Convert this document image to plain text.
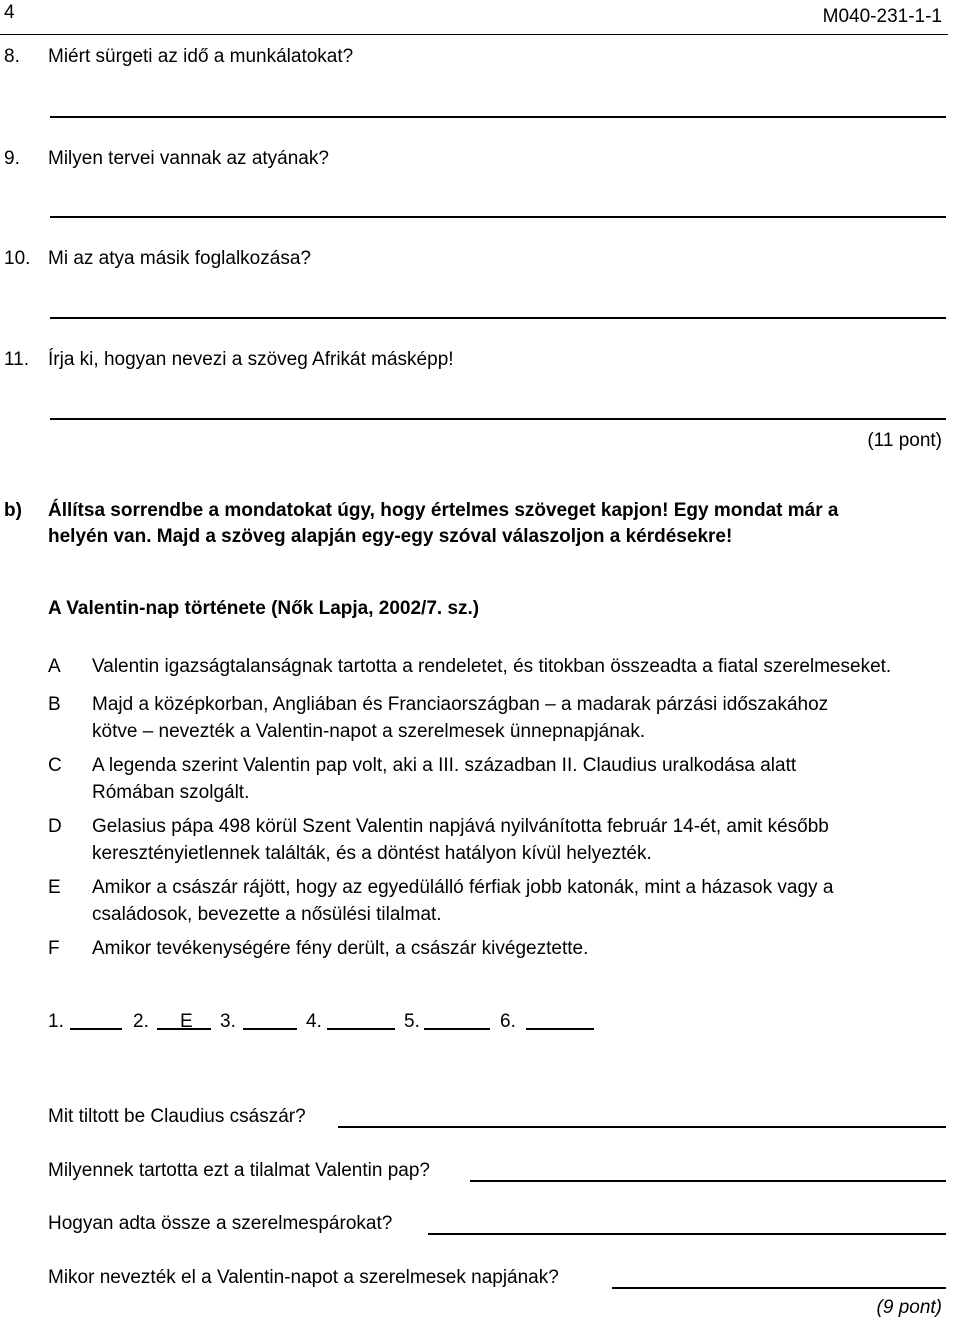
4	M040-231-1-1
8. Miért sürgeti az idő a munkálatokat?
9. Milyen tervei vannak az atyának?
10. Mi az atya másik foglalkozása?
11. Írja ki, hogyan nevezi a szöveg Afrikát másképp!
(11 pont)
b) Állítsa sorrendbe a mondatokat úgy, hogy értelmes szöveget kapjon! Egy mondat már a
helyén van. Majd a szöveg alapján egy-egy szóval válaszoljon a kérdésekre!
A Valentin-nap története (Nők Lapja, 2002/7. sz.)
A Valentin igazságtalanságnak tartotta a rendeletet, és titokban összeadta a fiatal szerelmeseket.
B Majd a középkorban, Angliában és Franciaországban – a madarak párzási időszakához
kötve – nevezték a Valentin-napot a szerelmesek ünnepnapjának.
C A legenda szerint Valentin pap volt, aki a III. században II. Claudius uralkodása alatt
Rómában szolgált.
D Gelasius pápa 498 körül Szent Valentin napjává nyilvánította február 14-ét, amit később
keresztényietlennek találták, és a döntést hatályon kívül helyezték.
E Amikor a császár rájött, hogy az egyedülálló férfiak jobb katonák, mint a házasok vagy a
családosok, bevezette a nősülési tilalmat.
F Amikor tevékenységére fény derült, a császár kivégeztette.
1.	2. E 3.	4.	5.	6.
Mit tiltott be Claudius császár?
Milyennek tartotta ezt a tilalmat Valentin pap?
Hogyan adta össze a szerelmespárokat?
Mikor nevezték el a Valentin-napot a szerelmesek napjának?
(9 pont)
